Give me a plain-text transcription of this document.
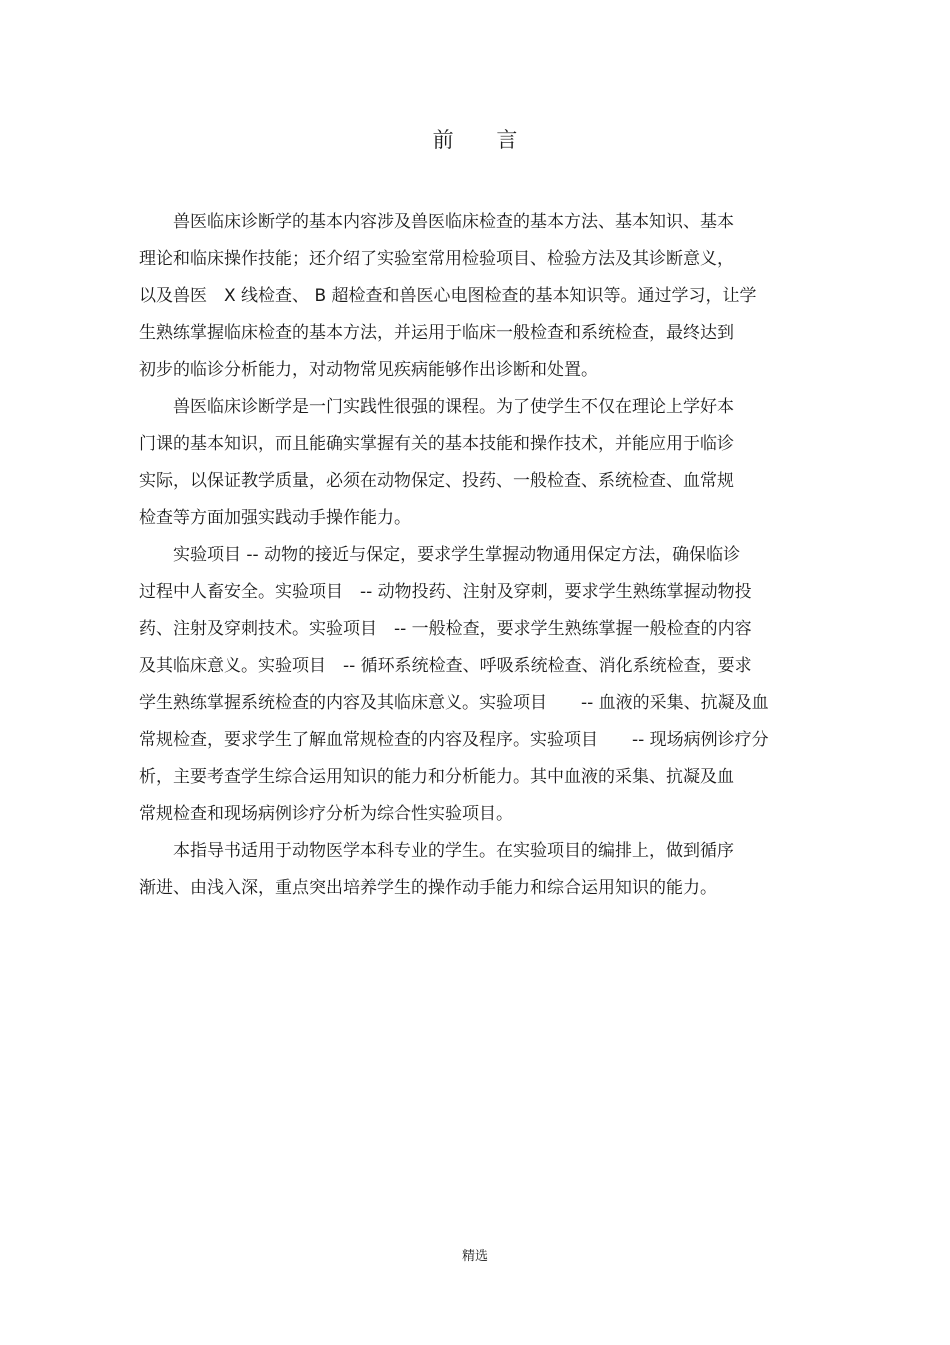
前 言

　　兽医临床诊断学的基本内容涉及兽医临床检查的基本方法、基本知识、基本
理论和临床操作技能；还介绍了实验室常用检验项目、检验方法及其诊断意义，
以及兽医　X 线检查、 B 超检查和兽医心电图检查的基本知识等。通过学习，让学
生熟练掌握临床检查的基本方法，并运用于临床一般检查和系统检查，最终达到
初步的临诊分析能力，对动物常见疾病能够作出诊断和处置。

　　兽医临床诊断学是一门实践性很强的课程。为了使学生不仅在理论上学好本
门课的基本知识，而且能确实掌握有关的基本技能和操作技术，并能应用于临诊
实际，以保证教学质量，必须在动物保定、投药、一般检查、系统检查、血常规
检查等方面加强实践动手操作能力。

　　实验项目 -- 动物的接近与保定，要求学生掌握动物通用保定方法，确保临诊
过程中人畜安全。实验项目　-- 动物投药、注射及穿刺，要求学生熟练掌握动物投
药、注射及穿刺技术。实验项目　-- 一般检查，要求学生熟练掌握一般检查的内容
及其临床意义。实验项目　-- 循环系统检查、呼吸系统检查、消化系统检查，要求
学生熟练掌握系统检查的内容及其临床意义。实验项目　　-- 血液的采集、抗凝及血
常规检查，要求学生了解血常规检查的内容及程序。实验项目　　-- 现场病例诊疗分
析，主要考查学生综合运用知识的能力和分析能力。其中血液的采集、抗凝及血
常规检查和现场病例诊疗分析为综合性实验项目。

　　本指导书适用于动物医学本科专业的学生。在实验项目的编排上，做到循序
渐进、由浅入深，重点突出培养学生的操作动手能力和综合运用知识的能力。

精选
